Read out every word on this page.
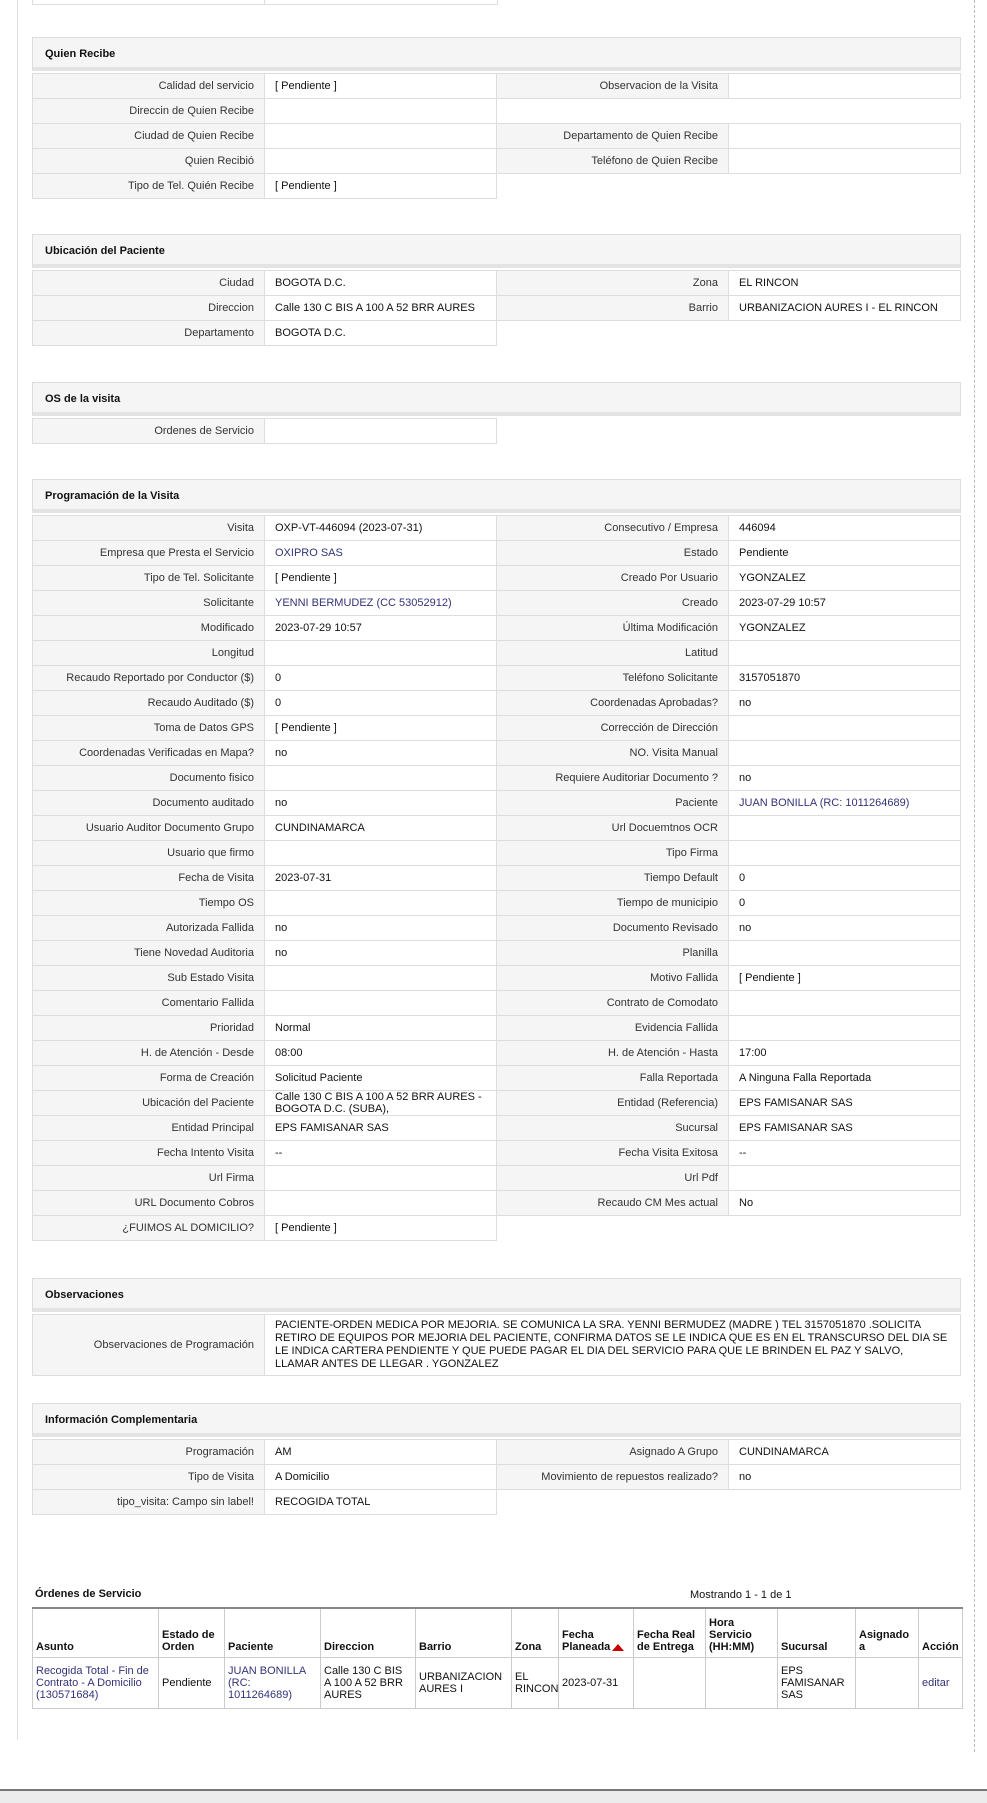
Quien Recibe
Calidad del servicio	[ Pendiente ]	Observacion de la Visita	
Direccin de Quien Recibe			
Ciudad de Quien Recibe		Departamento de Quien Recibe	
Quien Recibió		Teléfono de Quien Recibe	
Tipo de Tel. Quién Recibe	[ Pendiente ]		
Ubicación del Paciente
Ciudad	BOGOTA D.C.	Zona	EL RINCON
Direccion	Calle 130 C BIS A 100 A 52 BRR AURES	Barrio	URBANIZACION AURES I - EL RINCON
Departamento	BOGOTA D.C.		
OS de la visita
Ordenes de Servicio			
Programación de la Visita
Visita	OXP-VT-446094 (2023-07-31)	Consecutivo / Empresa	446094
Empresa que Presta el Servicio	OXIPRO SAS	Estado	Pendiente
Tipo de Tel. Solicitante	[ Pendiente ]	Creado Por Usuario	YGONZALEZ
Solicitante	YENNI BERMUDEZ (CC 53052912)	Creado	2023-07-29 10:57
Modificado	2023-07-29 10:57	Última Modificación	YGONZALEZ
Longitud		Latitud	
Recaudo Reportado por Conductor ($)	0	Teléfono Solicitante	3157051870
Recaudo Auditado ($)	0	Coordenadas Aprobadas?	no
Toma de Datos GPS	[ Pendiente ]	Corrección de Dirección	
Coordenadas Verificadas en Mapa?	no	NO. Visita Manual	
Documento fisico		Requiere Auditoriar Documento ?	no
Documento auditado	no	Paciente	JUAN BONILLA (RC: 1011264689)
Usuario Auditor Documento Grupo	CUNDINAMARCA	Url Docuemtnos OCR	
Usuario que firmo		Tipo Firma	
Fecha de Visita	2023-07-31	Tiempo Default	0
Tiempo OS		Tiempo de municipio	0
Autorizada Fallida	no	Documento Revisado	no
Tiene Novedad Auditoria	no	Planilla	
Sub Estado Visita		Motivo Fallida	[ Pendiente ]
Comentario Fallida		Contrato de Comodato	
Prioridad	Normal	Evidencia Fallida	
H. de Atención - Desde	08:00	H. de Atención - Hasta	17:00
Forma de Creación	Solicitud Paciente	Falla Reportada	A Ninguna Falla Reportada
Ubicación del Paciente	Calle 130 C BIS A 100 A 52 BRR AURES - BOGOTA D.C. (SUBA),	Entidad (Referencia)	EPS FAMISANAR SAS
Entidad Principal	EPS FAMISANAR SAS	Sucursal	EPS FAMISANAR SAS
Fecha Intento Visita	--	Fecha Visita Exitosa	--
Url Firma		Url Pdf	
URL Documento Cobros		Recaudo CM Mes actual	No
¿FUIMOS AL DOMICILIO?	[ Pendiente ]		
Observaciones
Observaciones de Programación	PACIENTE-ORDEN MEDICA POR MEJORIA. SE COMUNICA LA SRA. YENNI BERMUDEZ (MADRE ) TEL 3157051870 .SOLICITA RETIRO DE EQUIPOS POR MEJORIA DEL PACIENTE, CONFIRMA DATOS SE LE INDICA QUE ES EN EL TRANSCURSO DEL DIA SE LE INDICA CARTERA PENDIENTE Y QUE PUEDE PAGAR EL DIA DEL SERVICIO PARA QUE LE BRINDEN EL PAZ Y SALVO, LLAMAR ANTES DE LLEGAR . YGONZALEZ
Información Complementaria
Programación	AM	Asignado A Grupo	CUNDINAMARCA
Tipo de Visita	A Domicilio	Movimiento de repuestos realizado?	no
tipo_visita: Campo sin label!	RECOGIDA TOTAL		
Órdenes de Servicio	Mostrando 1 - 1 de 1
Asunto	Estado de Orden	Paciente	Direccion	Barrio	Zona	Fecha Planeada	Fecha Real de Entrega	Hora Servicio (HH:MM)	Sucursal	Asignado a	Acción
Recogida Total - Fin de Contrato - A Domicilio (130571684)	Pendiente	JUAN BONILLA (RC: 1011264689)	Calle 130 C BIS A 100 A 52 BRR AURES	URBANIZACION AURES I	EL RINCON	2023-07-31			EPS FAMISANAR SAS		editar
